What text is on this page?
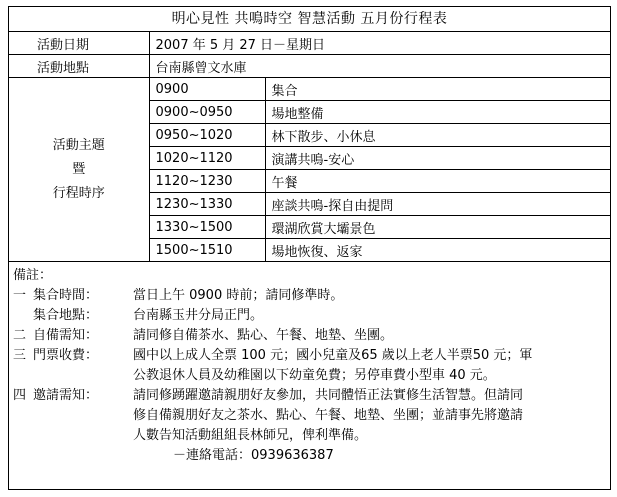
明心見性 共鳴時空 智慧活動 五月份行程表
活動日期	2007 年 5 月 27 日－星期日	
活動地點	台南縣曾文水庫	

活動主題
暨
行程時序	0900	集合
	0900~0950	場地整備
	0950~1020	林下散步、小休息
	1020~1120	演講共鳴-安心
	1120~1230	午餐
	1230~1330	座談共鳴-探自由提問
	1330~1500	環湖欣賞大壩景色
	1500~1510	場地恢復、返家
備註：
一 集合時間：	當日上午 0900 時前；請同修準時。
集合地點：	台南縣玉井分局正門。
二 自備需知：	請同修自備茶水、點心、午餐、地墊、坐團。
三 門票收費：	國中以上成人全票 100 元；國小兒童及65 歲以上老人半票50 元；軍
公教退休人員及幼稚園以下幼童免費；另停車費小型車 40 元。
四 邀請需知：	請同修踴躍邀請親朋好友參加，共同體悟正法實修生活智慧。但請同
修自備親朋好友之茶水、點心、午餐、地墊、坐團；並請事先將邀請
人數告知活動組組長林師兄，俾利準備。
－連絡電話：0939636387
